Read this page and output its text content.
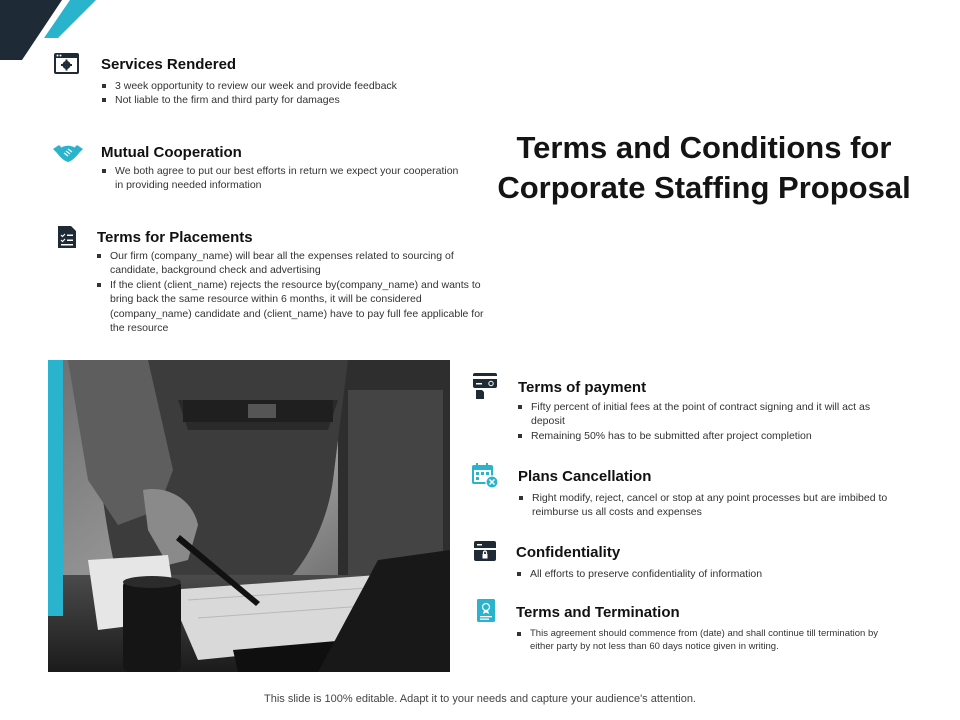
Terms and Conditions for Corporate Staffing Proposal
Services Rendered
3 week opportunity to review our week and provide feedback
Not liable to the firm and third party for damages
Mutual Cooperation
We both agree to put our best efforts in return we expect your cooperation in providing needed information
Terms for Placements
Our firm (company_name) will bear all the expenses related to sourcing of candidate, background check and advertising
If the client (client_name) rejects the resource by(company_name) and wants to bring back the same resource within 6 months, it will be considered (company_name) candidate and (client_name) have to pay full fee applicable for the resource
Terms of payment
Fifty percent of initial fees at the point of contract signing and it will act as deposit
Remaining 50% has to be submitted after project completion
Plans Cancellation
Right modify, reject, cancel or stop at any point processes but are imbibed to reimburse us all costs and expenses
Confidentiality
All efforts to preserve confidentiality of information
Terms and Termination
This agreement should commence from (date) and shall continue till termination by either party by not less than 60 days notice given in writing.
This slide is 100% editable. Adapt it to your needs and capture your audience's attention.
